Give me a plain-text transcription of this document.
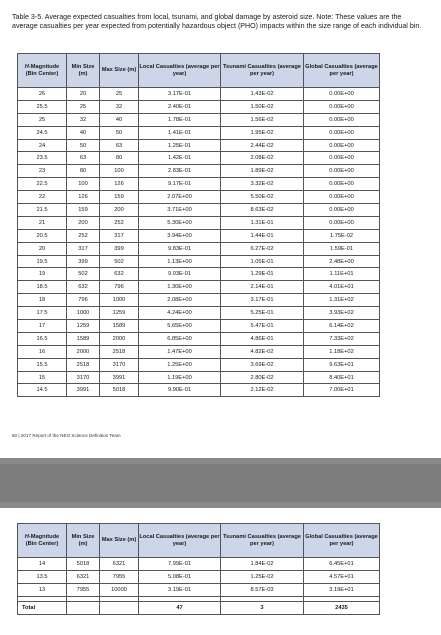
Table 3-5. Average expected casualties from local, tsunami, and global damage by asteroid size. Note: These values are the average casualties per year expected from potentially hazardous object (PHO) impacts within the size range of each individual bin.
H-Magnitude
(Bin Center)	Min Size (m)	Max Size (m)	Local Casualties (average per year)	Tsunami Casualties (average per year)	Global Casualties (average per year)
26	20	25	3.17E-01	1.43E-02	0.00E+00
25.5	25	32	2.40E-01	1.50E-02	0.00E+00
25	32	40	1.78E-01	1.56E-02	0.00E+00
24.5	40	50	1.41E-01	1.95E-02	0.00E+00
24	50	63	1.25E-01	2.44E-02	0.00E+00
23.5	63	80	1.42E-01	2.08E-02	0.00E+00
23	80	100	2.83E-01	1.89E-02	0.00E+00
22.5	100	126	9.17E-01	3.32E-02	0.00E+00
22	126	159	2.07E+00	5.50E-02	0.00E+00
21.5	159	200	3.71E+00	8.63E-02	0.00E+00
21	200	252	5.30E+00	1.31E-01	0.00E+00
20.5	252	317	3.94E+00	1.44E-01	1.75E-02
20	317	399	9.83E-01	6.27E-02	1.59E-01
19.5	399	502	1.13E+00	1.05E-01	2.48E+00
19	502	632	9.03E-01	1.29E-01	1.11E+01
18.5	632	796	1.30E+00	2.14E-01	4.01E+01
18	796	1000	2.08E+00	3.17E-01	1.31E+02
17.5	1000	1259	4.24E+00	5.25E-01	3.93E+02
17	1259	1589	5.65E+00	5.47E-01	6.14E+02
16.5	1589	2000	6.85E+00	4.86E-01	7.33E+02
16	2000	2518	1.47E+00	4.82E-02	1.18E+02
15.5	2518	3170	1.25E+00	3.69E-02	9.63E+01
15	3170	3991	1.19E+00	2.80E-02	8.40E+01
14.5	3991	5018	9.90E-01	2.12E-02	7.00E+01
60 | 2017 Report of the NEO Science Definition Team
H-Magnitude
(Bin Center)	Min Size (m)	Max Size (m)	Local Casualties (average per year)	Tsunami Casualties (average per year)	Global Casualties (average per year)
14	5018	6321	7.99E-01	1.84E-02	6.45E+01
13.5	6321	7955	5.08E-01	1.25E-02	4.57E+01
13	7955	10000	3.19E-01	8.57E-03	3.19E+01

Total			47	3	2435
